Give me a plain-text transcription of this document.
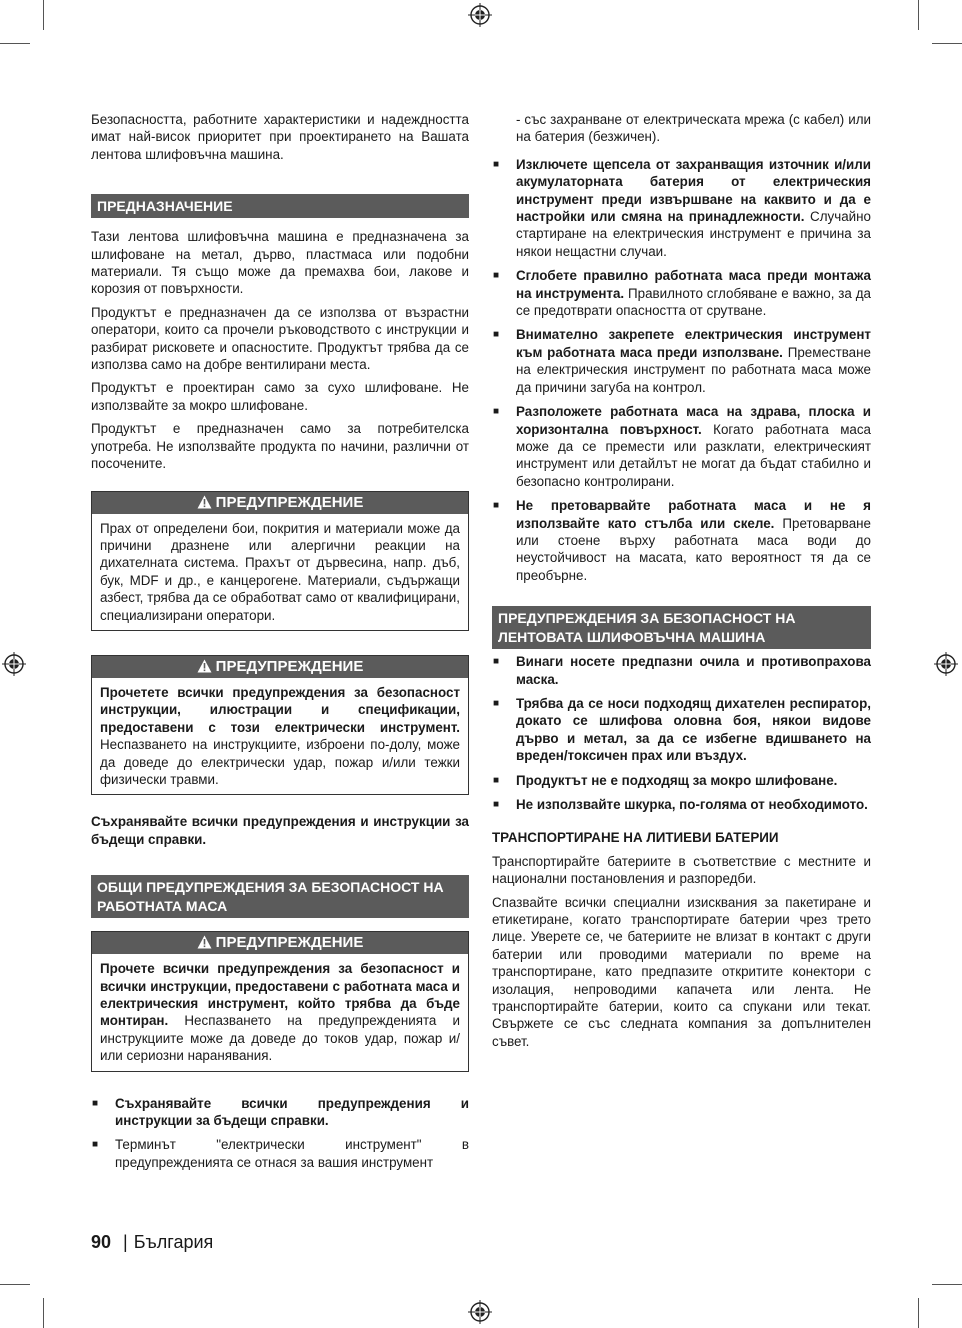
Безопасността, работните характеристики и надеждността имат най-висок приоритет при проектирането на Вашата лентова шлифовъчна машина.

ПРЕДНАЗНАЧЕНИЕ

Тази лентова шлифовъчна машина е предназначена за шлифоване на метал, дърво, пластмаса или подобни материали. Тя също може да премахва бои, лакове и корозия от повърхности.

Продуктът е предназначен да се използва от възрастни оператори, които са прочели ръководството с инструкции и разбират рисковете и опасностите. Продуктът трябва да се използва само на добре вентилирани места.

Продуктът е проектиран само за сухо шлифоване. Не използвайте за мокро шлифоване.

Продуктът е предназначен само за потребителска употреба. Не използвайте продукта по начини, различни от посочените.

ПРЕДУПРЕЖДЕНИЕ

Прах от определени бои, покрития и материали може да причини дразнене или алергични реакции на дихателната система. Прахът от дървесина, напр. дъб, бук, MDF и др., е канцерогене. Материали, съдържащи азбест, трябва да се обработват само от квалифицирани, специализирани оператори.

ПРЕДУПРЕЖДЕНИЕ

Прочетете всички предупреждения за безопасност инструкции, илюстрации и спецификации, предоставени с този електрически инструмент. Неспазването на инструкциите, изброени по-долу, може да доведе до електрически удар, пожар и/или тежки физически травми.

Съхранявайте всички предупреждения и инструкции за бъдещи справки.

ОБЩИ ПРЕДУПРЕЖДЕНИЯ ЗА БЕЗОПАСНОСТ НА РАБОТНАТА МАСА
ПРЕДУПРЕЖДЕНИЕ

Прочете всички предупреждения за безопасност и всички инструкции, предоставени с работната маса и електрическия инструмент, който трябва да бъде монтиран. Неспазването на предупрежденията и инструкциите може да доведе до токов удар, пожар и/или сериозни наранявания.

■ Съхранявайте всички предупреждения и инструкции за бъдещи справки.
■ Терминът "електрически инструмент" в предупрежденията се отнася за вашия инструмент

- със захранване от електрическата мрежа (с кабел) или на батерия (безжичен).

■ Изключете щепсела от захранващия източник и/или акумулаторната батерия от електрическия инструмент преди извършване на каквито и да е настройки или смяна на принадлежности. Случайно стартиране на електрическия инструмент е причина за някои нещастни случаи.
■ Сглобете правилно работната маса преди монтажа на инструмента. Правилното сглобяване е важно, за да се предотврати опасността от срутване.
■ Внимателно закрепете електрическия инструмент към работната маса преди използване. Преместване на електрическия инструмент по работната маса може да причини загуба на контрол.
■ Разположете работната маса на здрава, плоска и хоризонтална повърхност. Когато работната маса може да се премести или разклати, електрическият инструмент или детайлът не могат да бъдат стабилно и безопасно контролирани.
■ Не претоварвайте работната маса и не я използвайте като стълба или скеле. Претоварване или стоене върху работната маса води до неустойчивост на масата, като вероятност тя да се преобърне.
ПРЕДУПРЕЖДЕНИЯ ЗА БЕЗОПАСНОСТ НА ЛЕНТОВАТА ШЛИФОВЪЧНА МАШИНА
■ Винаги носете предпазни очила и противопрахова маска.
■ Трябва да се носи подходящ дихателен респиратор, докато се шлифова оловна боя, някои видове дърво и метал, за да се избегне вдишването на вреден/токсичен прах или въздух.
■ Продуктът не е подходящ за мокро шлифоване.
■ Не използвайте шкурка, по-голяма от необходимото.
ТРАНСПОРТИРАНЕ НА ЛИТИЕВИ БАТЕРИИ

Транспортирайте батериите в съответствие с местните и национални постановления и разпоредби.

Спазвайте всички специални изисквания за пакетиране и етикетиране, когато транспортирате батерии чрез трето лице. Уверете се, че батериите не влизат в контакт с други батерии или проводими материали по време на транспортиране, като предпазите откритите конектори с изолация, непроводими капачета или лента. Не транспортирайте батерии, които са спукани или текат. Свържете се със следната компания за допълнителен съвет.

90 | България
